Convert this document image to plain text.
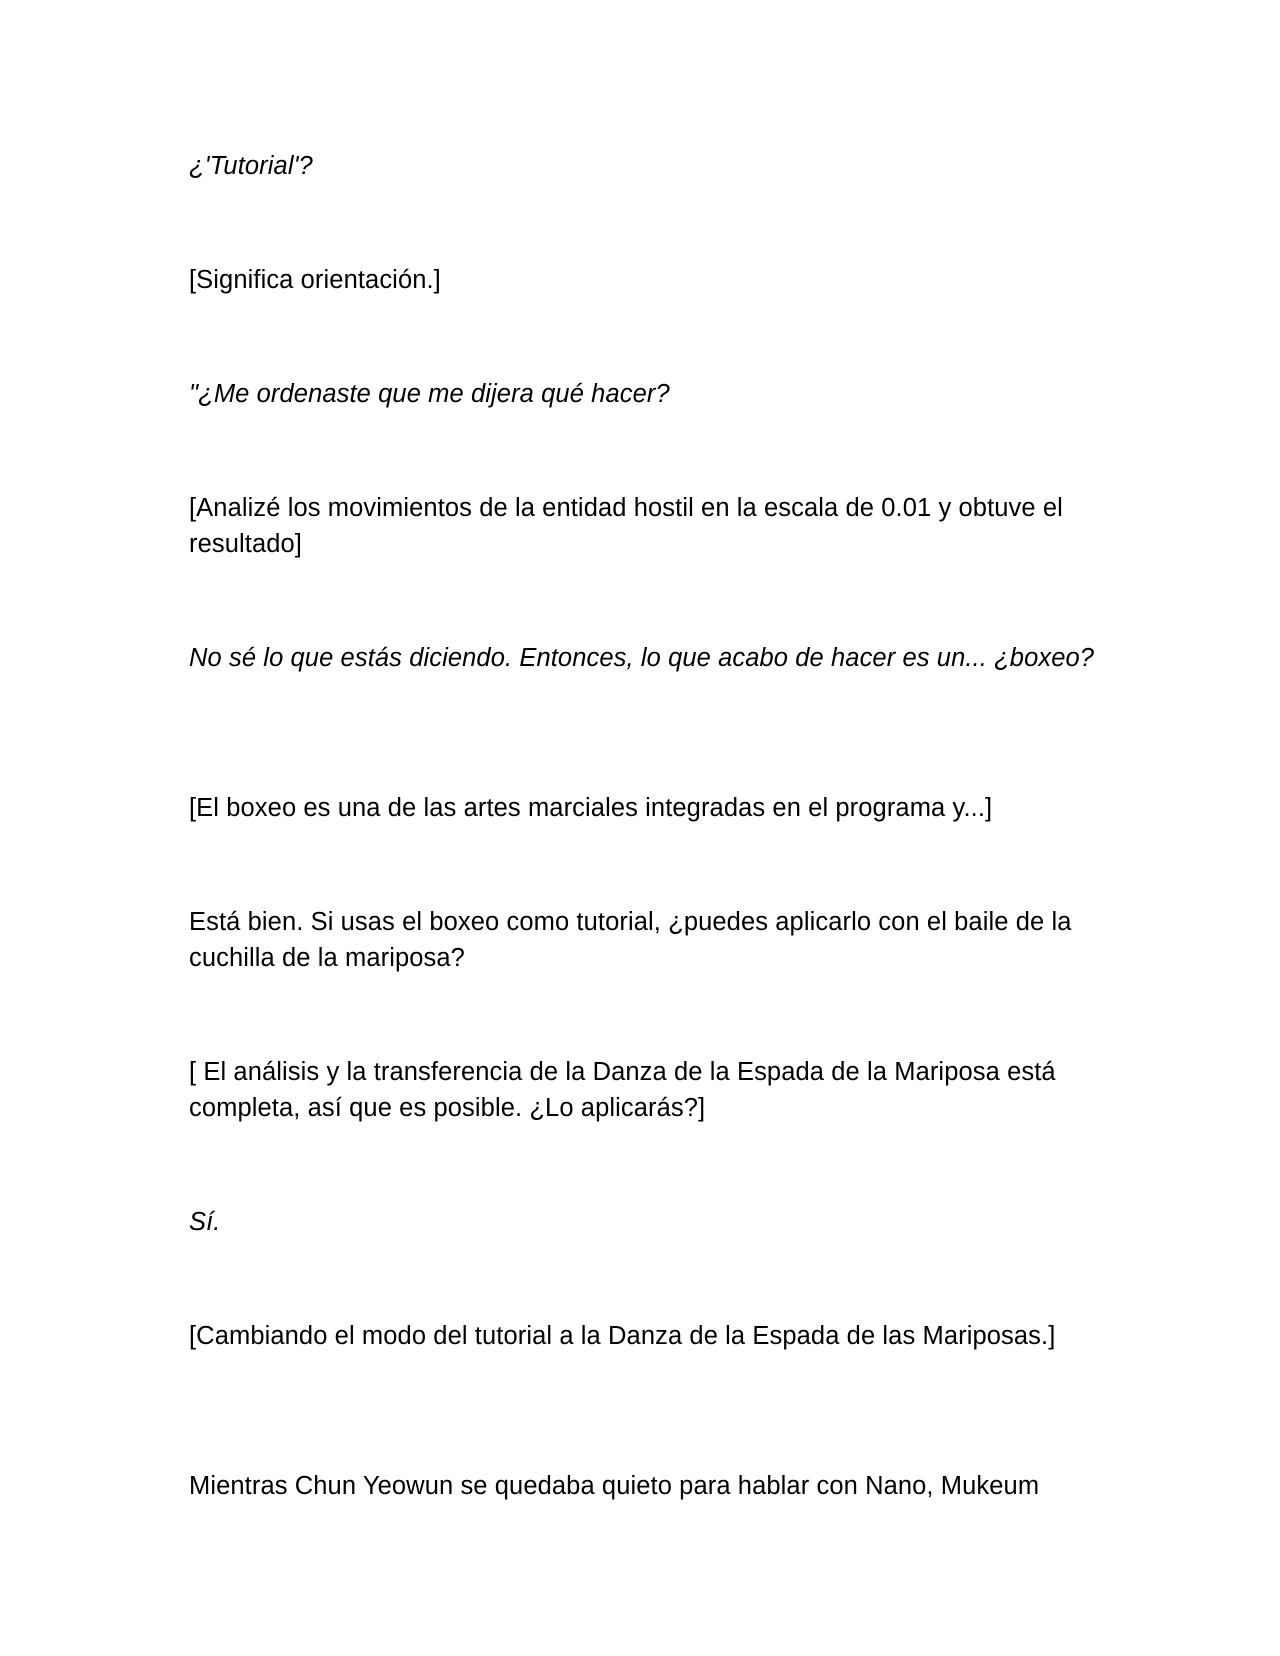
¿'Tutorial'?

[Significa orientación.]

"¿Me ordenaste que me dijera qué hacer?

[Analizé los movimientos de la entidad hostil en la escala de 0.01 y obtuve el resultado]

No sé lo que estás diciendo. Entonces, lo que acabo de hacer es un... ¿boxeo?

[El boxeo es una de las artes marciales integradas en el programa y...]

Está bien. Si usas el boxeo como tutorial, ¿puedes aplicarlo con el baile de la cuchilla de la mariposa?

[ El análisis y la transferencia de la Danza de la Espada de la Mariposa está completa, así que es posible. ¿Lo aplicarás?]

Sí.

[Cambiando el modo del tutorial a la Danza de la Espada de las Mariposas.]

Mientras Chun Yeowun se quedaba quieto para hablar con Nano, Mukeum
